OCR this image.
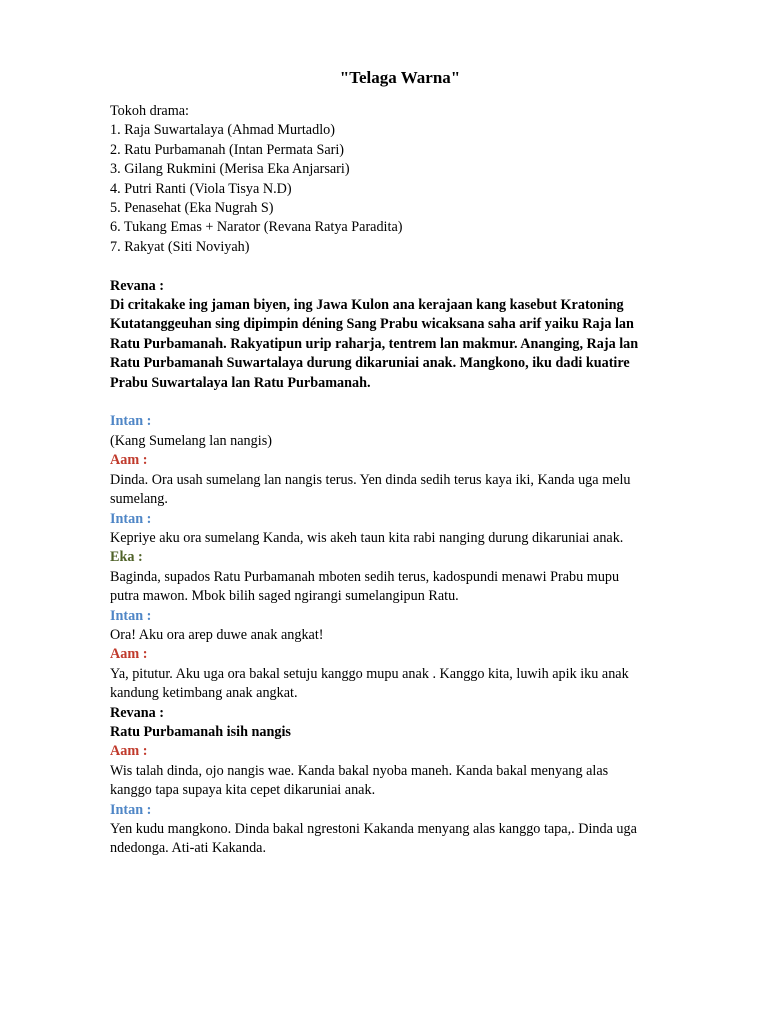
"Telaga Warna"
Tokoh drama:
1. Raja Suwartalaya (Ahmad Murtadlo)
2. Ratu Purbamanah (Intan Permata Sari)
3. Gilang Rukmini (Merisa Eka Anjarsari)
4. Putri Ranti (Viola Tisya N.D)
5. Penasehat (Eka Nugrah S)
6. Tukang Emas + Narator (Revana Ratya Paradita)
7. Rakyat (Siti Noviyah)
Revana :
Di critakake ing jaman biyen, ing Jawa Kulon ana kerajaan kang kasebut Kratoning
Kutatanggeuhan sing dipimpin déning Sang Prabu wicaksana saha arif yaiku Raja lan
Ratu Purbamanah. Rakyatipun urip raharja, tentrem lan makmur. Ananging, Raja lan
Ratu Purbamanah Suwartalaya durung dikaruniai anak. Mangkono, iku dadi kuatire
Prabu Suwartalaya lan Ratu Purbamanah.
Intan :
(Kang Sumelang lan nangis)
Aam :
Dinda. Ora usah sumelang lan nangis terus. Yen dinda sedih terus kaya iki, Kanda uga melu
sumelang.
Intan :
Kepriye aku ora sumelang Kanda, wis akeh taun kita rabi nanging durung dikaruniai anak.
Eka :
Baginda, supados Ratu Purbamanah mboten sedih terus, kadospundi menawi Prabu mupu
putra mawon. Mbok bilih saged ngirangi sumelangipun Ratu.
Intan :
Ora! Aku ora arep duwe anak angkat!
Aam :
Ya, pitutur. Aku uga ora bakal setuju kanggo mupu anak . Kanggo kita, luwih apik iku anak
kandung ketimbang anak angkat.
Revana :
Ratu Purbamanah isih nangis
Aam :
Wis talah dinda, ojo nangis wae. Kanda bakal nyoba maneh. Kanda bakal menyang alas
kanggo tapa supaya kita cepet dikaruniai anak.
Intan :
Yen kudu mangkono. Dinda bakal ngrestoni Kakanda menyang alas kanggo tapa,. Dinda uga
ndedonga. Ati-ati Kakanda.
